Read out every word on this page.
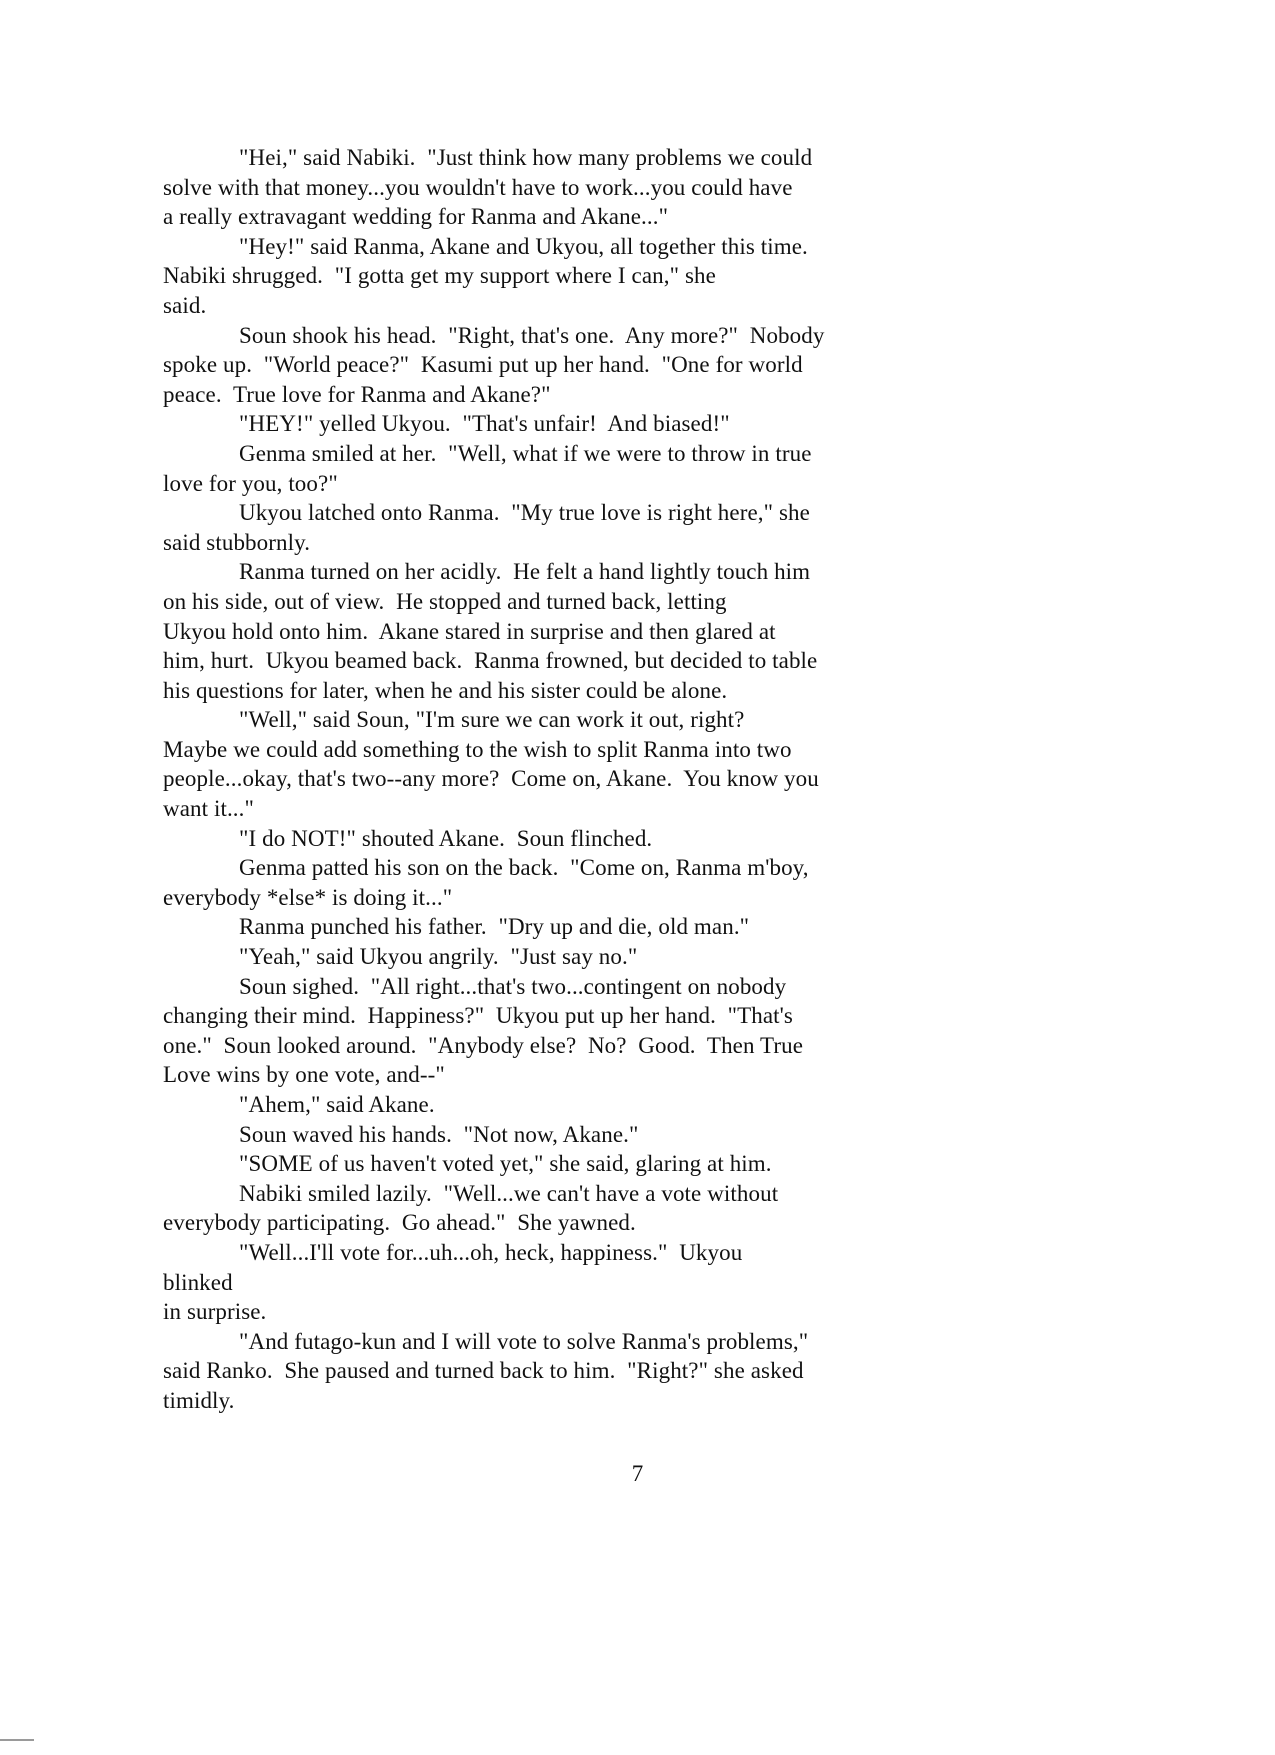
"Hei," said Nabiki.  "Just think how many problems we could
solve with that money...you wouldn't have to work...you could have
a really extravagant wedding for Ranma and Akane..."
"Hey!" said Ranma, Akane and Ukyou, all together this time.
Nabiki shrugged.  "I gotta get my support where I can," she
said.
Soun shook his head.  "Right, that's one.  Any more?"  Nobody
spoke up.  "World peace?"  Kasumi put up her hand.  "One for world
peace.  True love for Ranma and Akane?"
"HEY!" yelled Ukyou.  "That's unfair!  And biased!"
Genma smiled at her.  "Well, what if we were to throw in true
love for you, too?"
Ukyou latched onto Ranma.  "My true love is right here," she
said stubbornly.
Ranma turned on her acidly.  He felt a hand lightly touch him
on his side, out of view.  He stopped and turned back, letting
Ukyou hold onto him.  Akane stared in surprise and then glared at
him, hurt.  Ukyou beamed back.  Ranma frowned, but decided to table
his questions for later, when he and his sister could be alone.
"Well," said Soun, "I'm sure we can work it out, right?
Maybe we could add something to the wish to split Ranma into two
people...okay, that's two--any more?  Come on, Akane.  You know you
want it..."
"I do NOT!" shouted Akane.  Soun flinched.
Genma patted his son on the back.  "Come on, Ranma m'boy,
everybody *else* is doing it..."
Ranma punched his father.  "Dry up and die, old man."
"Yeah," said Ukyou angrily.  "Just say no."
Soun sighed.  "All right...that's two...contingent on nobody
changing their mind.  Happiness?"  Ukyou put up her hand.  "That's
one."  Soun looked around.  "Anybody else?  No?  Good.  Then True
Love wins by one vote, and--"
"Ahem," said Akane.
Soun waved his hands.  "Not now, Akane."
"SOME of us haven't voted yet," she said, glaring at him.
Nabiki smiled lazily.  "Well...we can't have a vote without
everybody participating.  Go ahead."  She yawned.
"Well...I'll vote for...uh...oh, heck, happiness."  Ukyou
blinked
in surprise.
"And futago-kun and I will vote to solve Ranma's problems,"
said Ranko.  She paused and turned back to him.  "Right?" she asked
timidly.
7
